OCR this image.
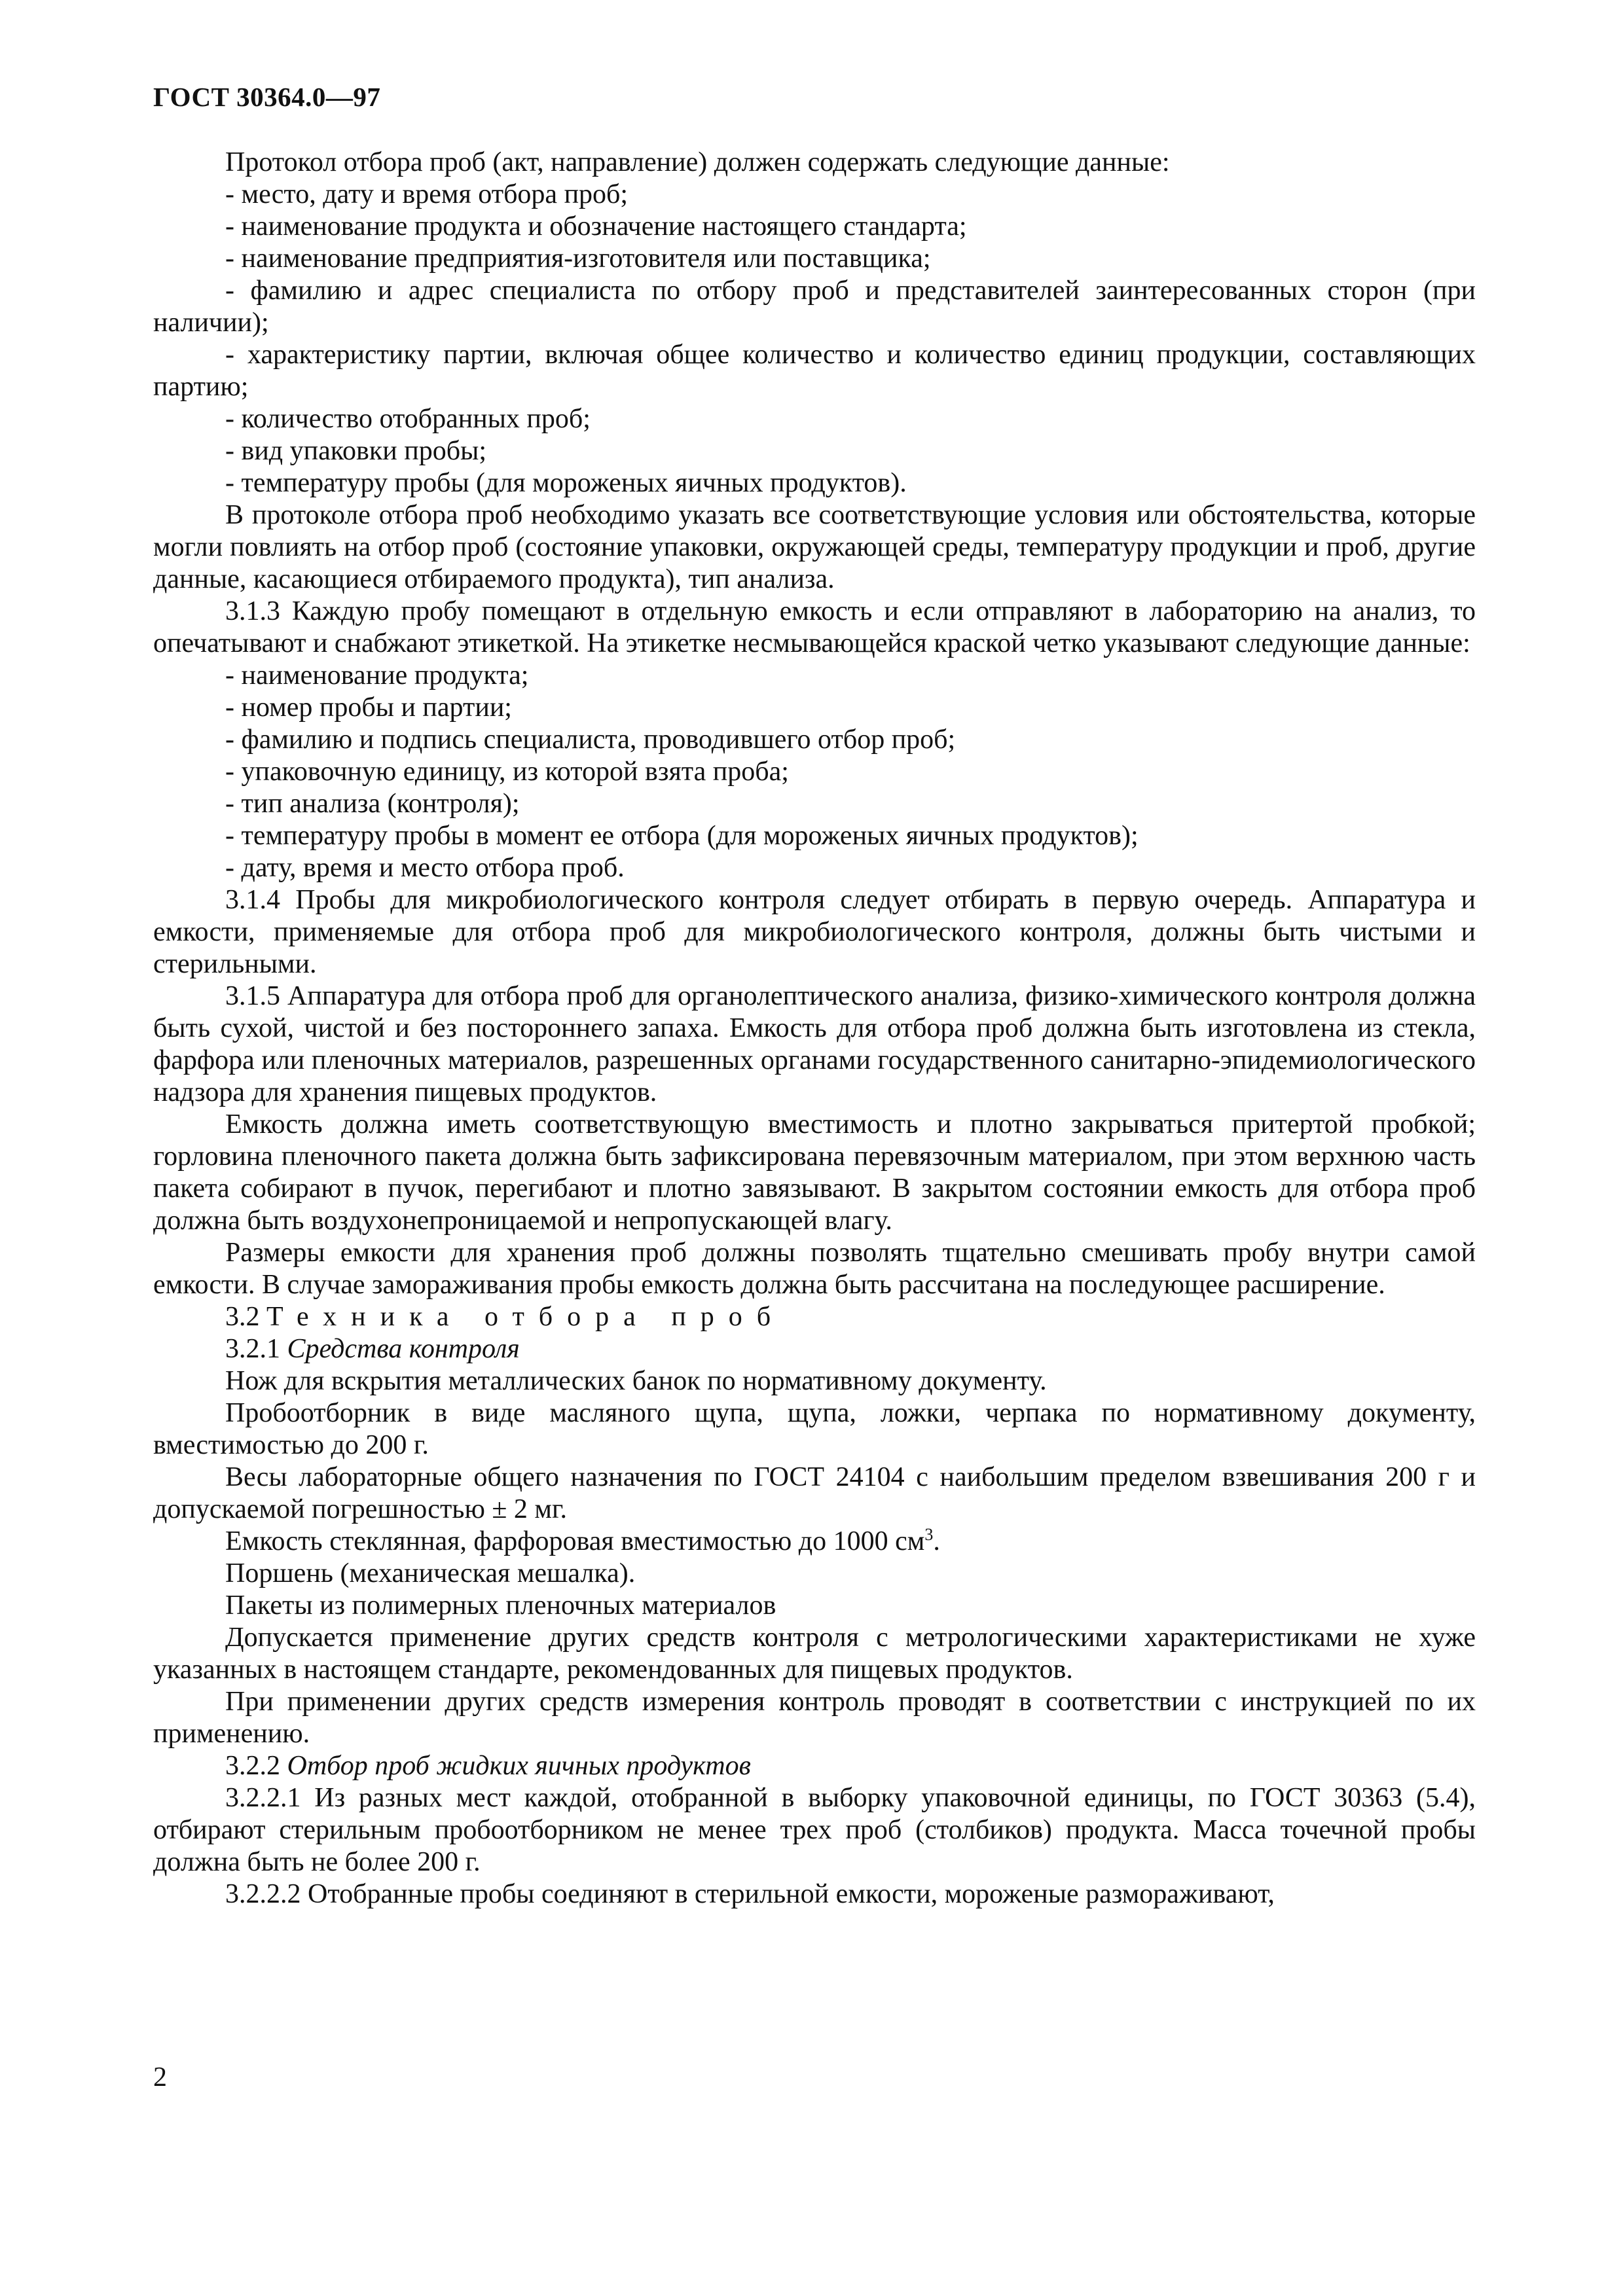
ГОСТ 30364.0—97

Протокол отбора проб (акт, направление) должен содержать следующие данные:

- место, дату и время отбора проб;

- наименование продукта и обозначение настоящего стандарта;

- наименование предприятия-изготовителя или поставщика;

- фамилию и адрес специалиста по отбору проб и представителей заинтересованных сторон (при наличии);

- характеристику партии, включая общее количество и количество единиц продукции, составляющих партию;

- количество отобранных проб;

- вид упаковки пробы;

- температуру пробы (для мороженых яичных продуктов).

В протоколе отбора проб необходимо указать все соответствующие условия или обстоятельства, которые могли повлиять на отбор проб (состояние упаковки, окружающей среды, температуру продукции и проб, другие данные, касающиеся отбираемого продукта), тип анализа.

3.1.3 Каждую пробу помещают в отдельную емкость и если отправляют в лабораторию на анализ, то опечатывают и снабжают этикеткой. На этикетке несмывающейся краской четко указывают следующие данные:

- наименование продукта;

- номер пробы и партии;

- фамилию и подпись специалиста, проводившего отбор проб;

- упаковочную единицу, из которой взята проба;

- тип анализа (контроля);

- температуру пробы в момент ее отбора (для мороженых яичных продуктов);

- дату, время и место отбора проб.

3.1.4 Пробы для микробиологического контроля следует отбирать в первую очередь. Аппаратура и емкости, применяемые для отбора проб для микробиологического контроля, должны быть чистыми и стерильными.

3.1.5 Аппаратура для отбора проб для органолептического анализа, физико-химического контроля должна быть сухой, чистой и без постороннего запаха. Емкость для отбора проб должна быть изготовлена из стекла, фарфора или пленочных материалов, разрешенных органами государственного санитарно-эпидемиологического надзора для хранения пищевых продуктов.

Емкость должна иметь соответствующую вместимость и плотно закрываться притертой пробкой; горловина пленочного пакета должна быть зафиксирована перевязочным материалом, при этом верхнюю часть пакета собирают в пучок, перегибают и плотно завязывают. В закрытом состоянии емкость для отбора проб должна быть воздухонепроницаемой и непропускающей влагу.

Размеры емкости для хранения проб должны позволять тщательно смешивать пробу внутри самой емкости. В случае замораживания пробы емкость должна быть рассчитана на последующее расширение.

3.2 Техника отбора проб

3.2.1 Средства контроля

Нож для вскрытия металлических банок по нормативному документу.

Пробоотборник в виде масляного щупа, щупа, ложки, черпака по нормативному документу, вместимостью до 200 г.

Весы лабораторные общего назначения по ГОСТ 24104 с наибольшим пределом взвешивания 200 г и допускаемой погрешностью ± 2 мг.

Емкость стеклянная, фарфоровая вместимостью до 1000 $см^3$.

Поршень (механическая мешалка).

Пакеты из полимерных пленочных материалов

Допускается применение других средств контроля с метрологическими характеристиками не хуже указанных в настоящем стандарте, рекомендованных для пищевых продуктов.

При применении других средств измерения контроль проводят в соответствии с инструкцией по их применению.

3.2.2 Отбор проб жидких яичных продуктов

3.2.2.1 Из разных мест каждой, отобранной в выборку упаковочной единицы, по ГОСТ 30363 (5.4), отбирают стерильным пробоотборником не менее трех проб (столбиков) продукта. Масса точечной пробы должна быть не более 200 г.

3.2.2.2 Отобранные пробы соединяют в стерильной емкости, мороженые размораживают,

2
